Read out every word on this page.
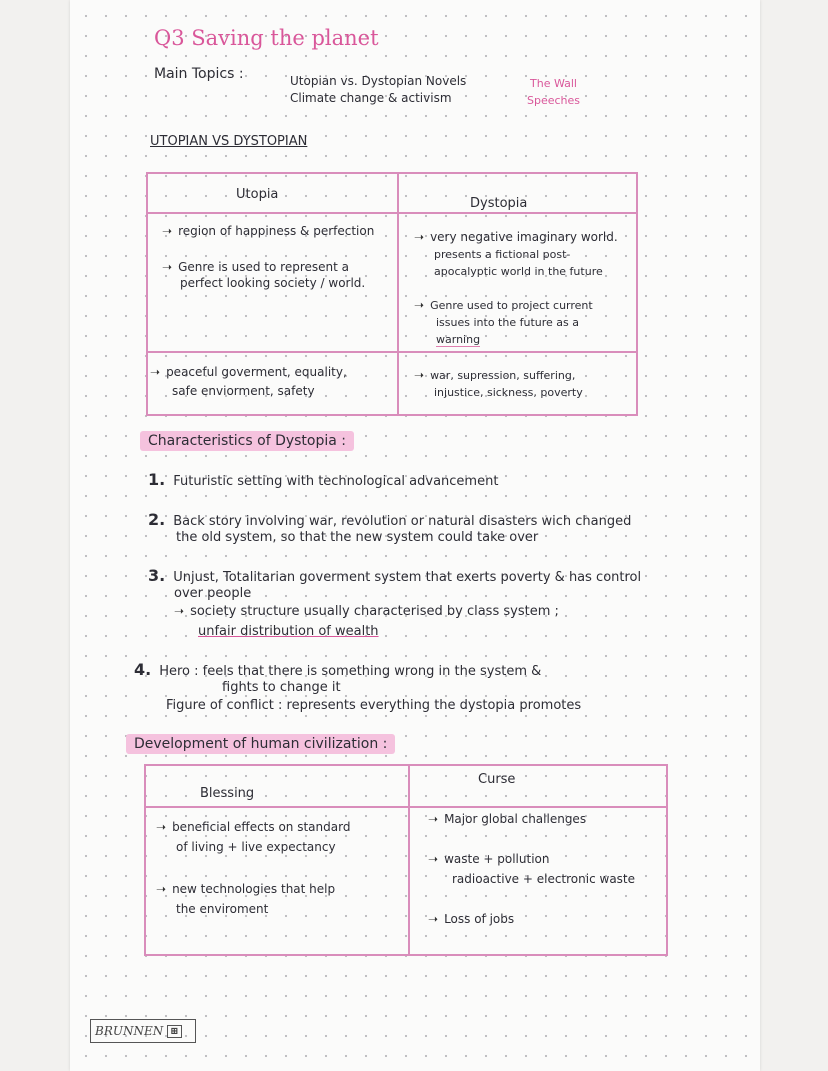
Q3 Saving the planet
Main Topics :	Utopian vs. Dystopian Novels
Climate change & activism
The Wall
Speeches
UTOPIAN VS DYSTOPIAN
Utopia
Dystopia
➝ region of happiness & perfection
➝ Genre is used to represent a
perfect looking society / world.
➝ very negative imaginary world.
presents a fictional post-
apocalyptic world in the future
➝ Genre used to project current
issues into the future as a
warning
➝ peaceful goverment, equality,
safe enviorment, safety
➝ war, supression, suffering,
injustice, sickness, poverty
Characteristics of Dystopia :
1. Futuristic setting with technological advancement
2. Back story involving war, revolution or natural disasters wich changed
the old system, so that the new system could take over
3. Unjust, Totalitarian goverment system that exerts poverty & has control
over people
➝ society structure usually characterised by class system ;
unfair distribution of wealth
4. Hero : feels that there is something wrong in the system &
fights to change it
Figure of conflict : represents everything the dystopia promotes
Development of human civilization :
Blessing
Curse
➝ beneficial effects on standard
of living + live expectancy
➝ new technologies that help
the enviroment
➝ Major global challenges
➝ waste + pollution
radioactive + electronic waste
➝ Loss of jobs
BRUNNEN ⊞
